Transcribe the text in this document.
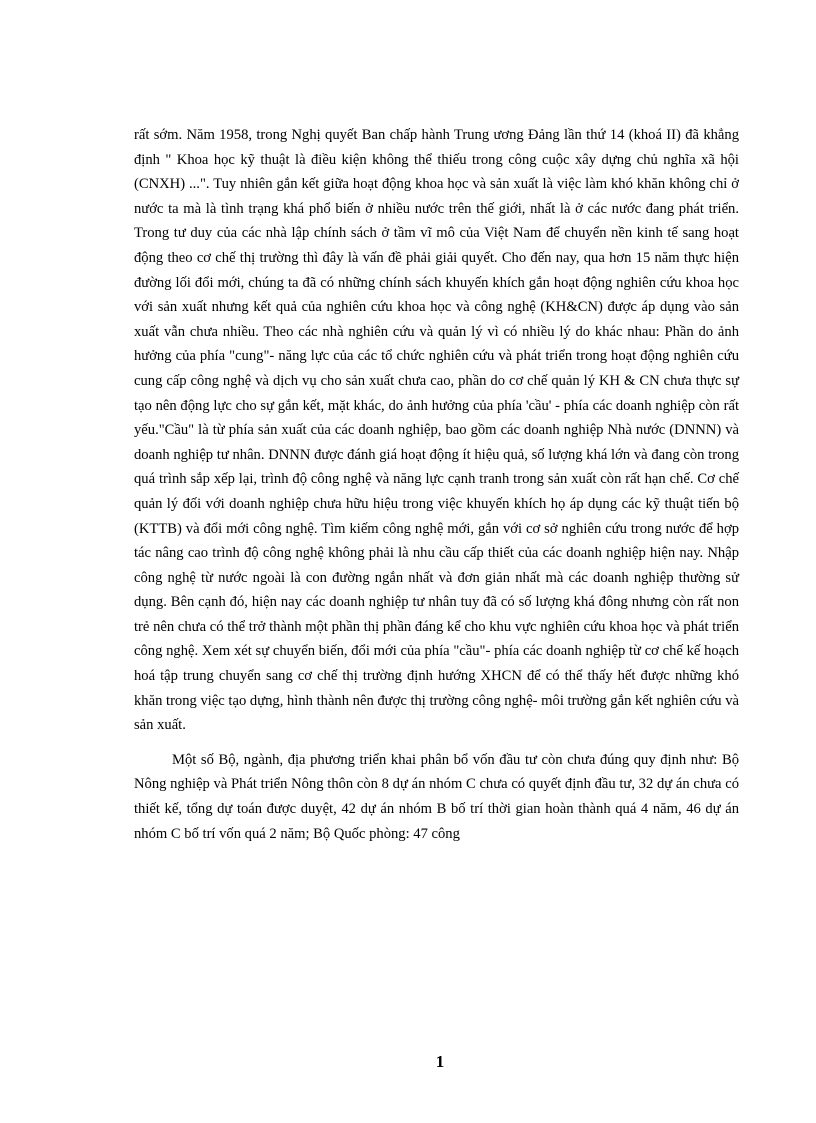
rất sớm. Năm 1958, trong Nghị quyết Ban chấp hành Trung ương Đảng lần thứ 14 (khoá II) đã khẳng định " Khoa học kỹ thuật là điều kiện không thể thiếu trong công cuộc xây dựng chủ nghĩa xã hội (CNXH) ...". Tuy nhiên gắn kết giữa hoạt động khoa học và sản xuất là việc làm khó khăn không chỉ ở nước ta mà là tình trạng khá phổ biến ở nhiều nước trên thế giới, nhất là ở các nước đang phát triển. Trong tư duy của các nhà lập chính sách ở tầm vĩ mô của Việt Nam để chuyển nền kinh tế sang hoạt động theo cơ chế thị trường thì đây là vấn đề phải giải quyết. Cho đến nay, qua hơn 15 năm thực hiện đường lối đổi mới, chúng ta đã có những chính sách khuyến khích gắn hoạt động nghiên cứu khoa học với sản xuất nhưng kết quả của nghiên cứu khoa học và công nghệ (KH&CN) được áp dụng vào sản xuất vẫn chưa nhiều. Theo các nhà nghiên cứu và quản lý vì có nhiều lý do khác nhau: Phần do ảnh hưởng của phía "cung"- năng lực của các tổ chức nghiên cứu và phát triển trong hoạt động nghiên cứu cung cấp công nghệ và dịch vụ cho sản xuất chưa cao, phần do cơ chế quản lý KH & CN chưa thực sự tạo nên động lực cho sự gắn kết, mặt khác, do ảnh hưởng của phía 'cầu' - phía các doanh nghiệp còn rất yếu."Cầu" là từ phía sản xuất của các doanh nghiệp, bao gồm các doanh nghiệp Nhà nước (DNNN) và doanh nghiệp tư nhân. DNNN được đánh giá hoạt động ít hiệu quả, số lượng khá lớn và đang còn trong quá trình sắp xếp lại, trình độ công nghệ và năng lực cạnh tranh trong sản xuất còn rất hạn chế. Cơ chế quản lý đối với doanh nghiệp chưa hữu hiệu trong việc khuyến khích họ áp dụng các kỹ thuật tiến bộ (KTTB) và đổi mới công nghệ. Tìm kiếm công nghệ mới, gắn với cơ sở nghiên cứu trong nước để hợp tác nâng cao trình độ công nghệ không phải là nhu cầu cấp thiết của các doanh nghiệp hiện nay. Nhập công nghệ từ nước ngoài là con đường ngắn nhất và đơn giản nhất mà các doanh nghiệp thường sử dụng. Bên cạnh đó, hiện nay các doanh nghiệp tư nhân tuy đã có số lượng khá đông nhưng còn rất non trẻ nên chưa có thể trở thành một phần thị phần đáng kể cho khu vực nghiên cứu khoa học và phát triển công nghệ. Xem xét sự chuyển biến, đổi mới của phía "cầu"- phía các doanh nghiệp từ cơ chế kế hoạch hoá tập trung chuyển sang cơ chế thị trường định hướng XHCN để có thể thấy hết được những khó khăn trong việc tạo dựng, hình thành nên được thị trường công nghệ- môi trường gắn kết nghiên cứu và sản xuất.

Một số Bộ, ngành, địa phương triển khai phân bổ vốn đầu tư còn chưa đúng quy định như: Bộ Nông nghiệp và Phát triển Nông thôn còn 8 dự án nhóm C chưa có quyết định đầu tư, 32 dự án chưa có thiết kế, tổng dự toán được duyệt, 42 dự án nhóm B bố trí thời gian hoàn thành quá 4 năm, 46 dự án nhóm C bố trí vốn quá 2 năm; Bộ Quốc phòng: 47 công

1
